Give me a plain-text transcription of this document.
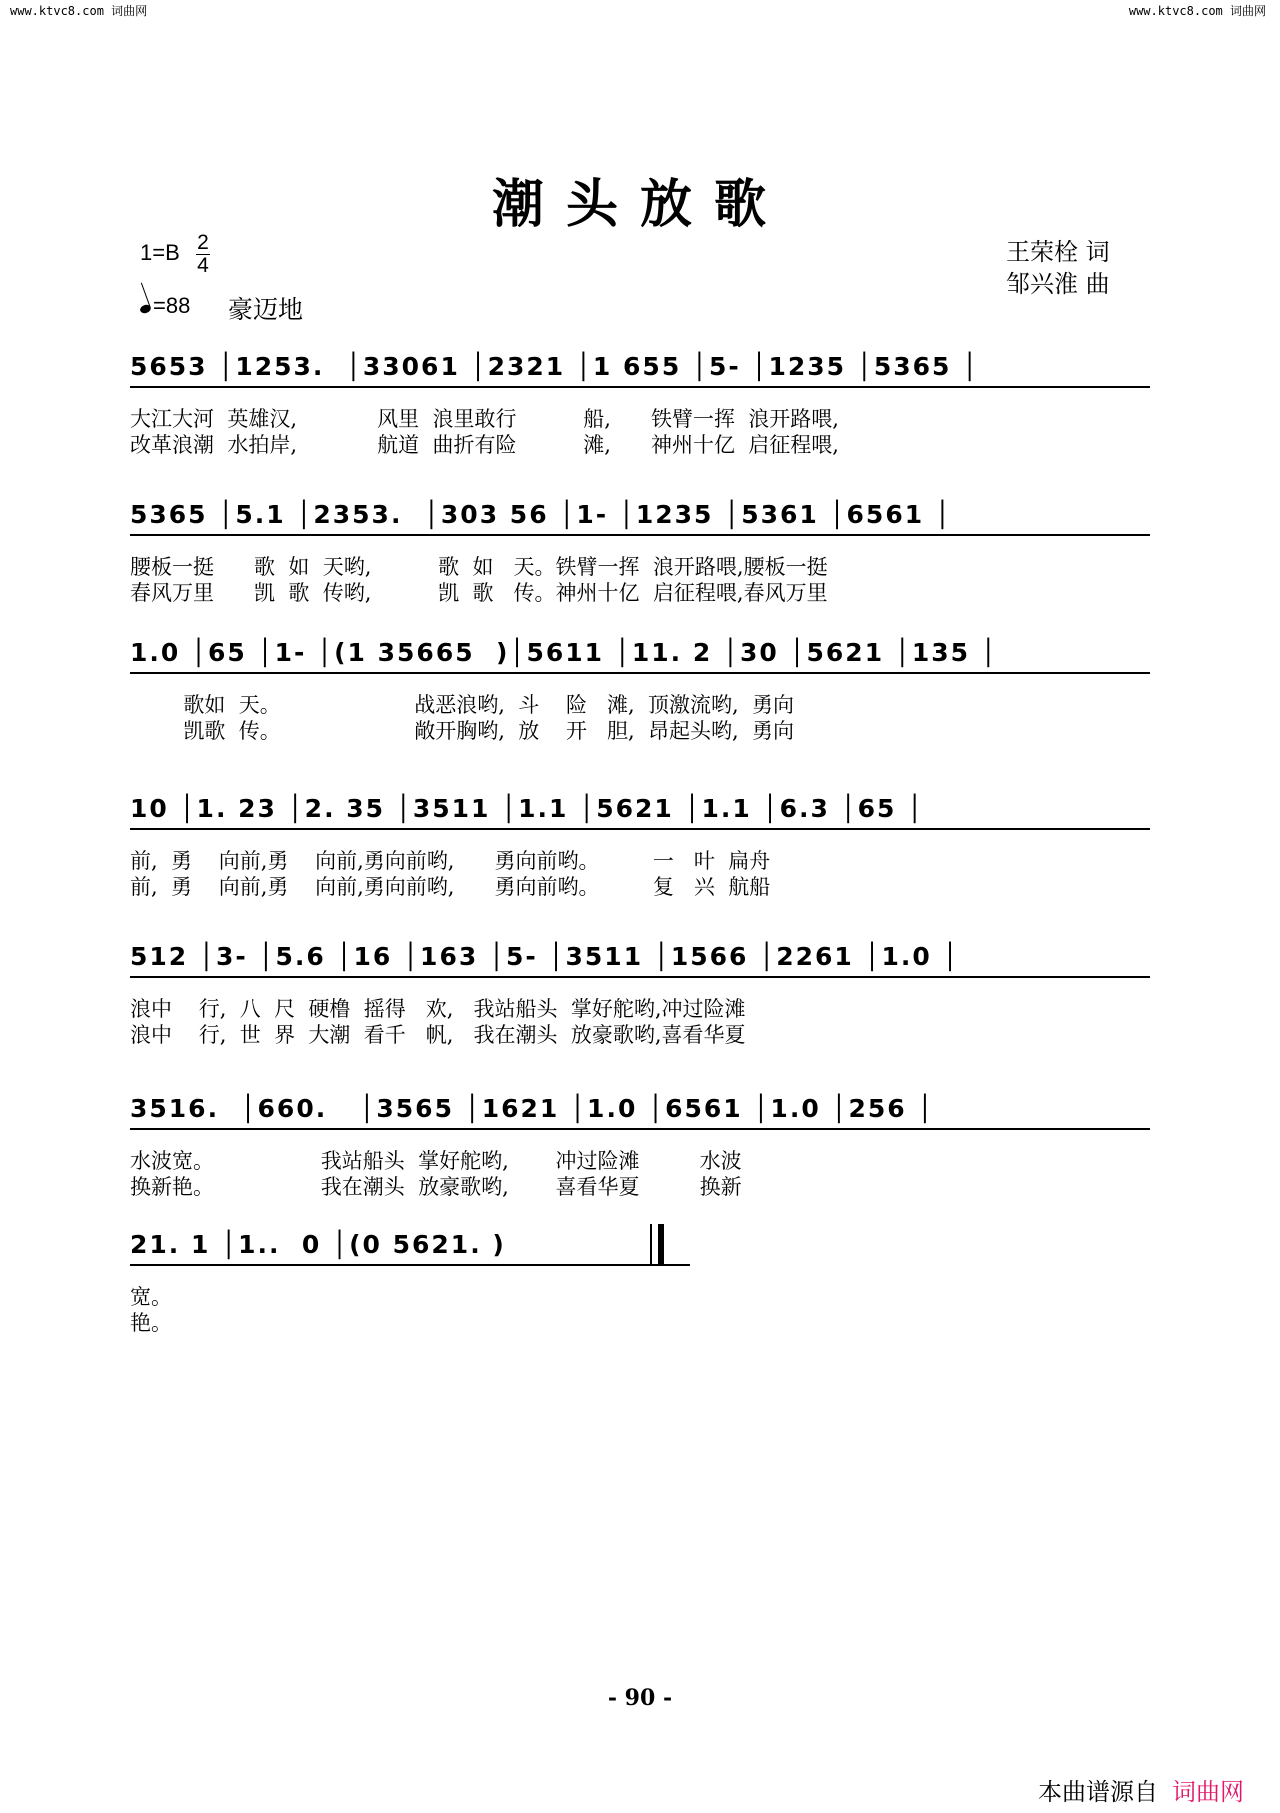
www.ktvc8.com 词曲网	www.ktvc8.com 词曲网
潮头放歌
1=B 2
4
=88 豪迈地
王荣栓 词
邹兴淮 曲
5653 │1253.  │33061 │2321 │1 655 │5- │1235 │5365 │
大江大河  英雄汉,            风里  浪里敢行          船,      铁臂一挥  浪开路喂,
改革浪潮  水拍岸,            航道  曲折有险          滩,      神州十亿  启征程喂,
5365 │5.1 │2353.  │303 56 │1- │1235 │5361 │6561 │
腰板一挺      歌  如  天哟,          歌  如   天。铁臂一挥  浪开路喂,腰板一挺
春风万里      凯  歌  传哟,          凯  歌   传。神州十亿  启征程喂,春风万里
1.0 │65 │1- │(1 35665  )│5611 │11. 2 │30 │5621 │135 │
歌如  天。                    战恶浪哟,  斗    险   滩,  顶激流哟,  勇向
凯歌  传。                    敞开胸哟,  放    开   胆,  昂起头哟,  勇向
10 │1. 23 │2. 35 │3511 │1.1 │5621 │1.1 │6.3 │65 │
前,  勇    向前,勇    向前,勇向前哟,      勇向前哟。        一   叶  扁舟
前,  勇    向前,勇    向前,勇向前哟,      勇向前哟。        复   兴  航船
512 │3- │5.6 │16 │163 │5- │3511 │1566 │2261 │1.0 │
浪中    行,  八  尺  硬橹  摇得   欢,   我站船头  掌好舵哟,冲过险滩
浪中    行,  世  界  大潮  看千   帆,   我在潮头  放豪歌哟,喜看华夏
3516.  │660.   │3565 │1621 │1.0 │6561 │1.0 │256 │
水波宽。                我站船头  掌好舵哟,       冲过险滩         水波
换新艳。                我在潮头  放豪歌哟,       喜看华夏         换新
21. 1 │1..  0 │(0 5621. )
宽。
艳。
- 90 -
本曲谱源自 词曲网
